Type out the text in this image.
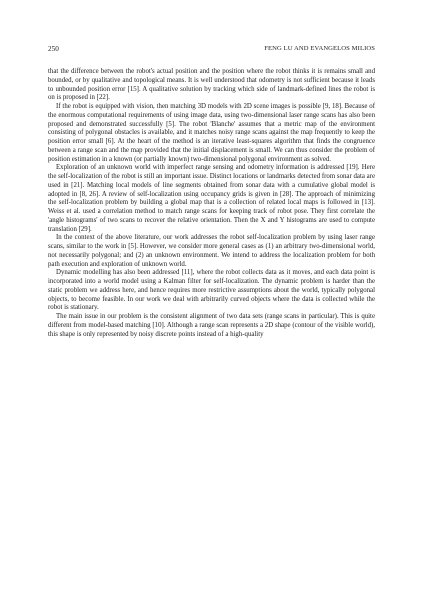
250	FENG LU AND EVANGELOS MILIOS

that the difference between the robot's actual position and the position where the robot thinks it is remains small and bounded, or by qualitative and topological means. It is well understood that odometry is not sufficient because it leads to unbounded position error [15]. A qualitative solution by tracking which side of landmark-defined lines the robot is on is proposed in [22].

If the robot is equipped with vision, then matching 3D models with 2D scene images is possible [9, 18]. Because of the enormous computational requirements of using image data, using two-dimensional laser range scans has also been proposed and demonstrated successfully [5]. The robot 'Blanche' assumes that a metric map of the environment consisting of polygonal obstacles is available, and it matches noisy range scans against the map frequently to keep the position error small [6]. At the heart of the method is an iterative least-squares algorithm that finds the congruence between a range scan and the map provided that the initial displacement is small. We can thus consider the problem of position estimation in a known (or partially known) two-dimensional polygonal environment as solved.

Exploration of an unknown world with imperfect range sensing and odometry information is addressed [19]. Here the self-localization of the robot is still an important issue. Distinct locations or landmarks detected from sonar data are used in [21]. Matching local models of line segments obtained from sonar data with a cumulative global model is adopted in [8, 26]. A review of self-localization using occupancy grids is given in [28]. The approach of minimizing the self-localization problem by building a global map that is a collection of related local maps is followed in [13]. Weiss et al. used a correlation method to match range scans for keeping track of robot pose. They first correlate the 'angle histograms' of two scans to recover the relative orientation. Then the X and Y histograms are used to compute translation [29].

In the context of the above literature, our work addresses the robot self-localization problem by using laser range scans, similar to the work in [5]. However, we consider more general cases as (1) an arbitrary two-dimensional world, not necessarily polygonal; and (2) an unknown environment. We intend to address the localization problem for both path execution and exploration of unknown world.

Dynamic modelling has also been addressed [11], where the robot collects data as it moves, and each data point is incorporated into a world model using a Kalman filter for self-localization. The dynamic problem is harder than the static problem we address here, and hence requires more restrictive assumptions about the world, typically polygonal objects, to become feasible. In our work we deal with arbitrarily curved objects where the data is collected while the robot is stationary.

The main issue in our problem is the consistent alignment of two data sets (range scans in particular). This is quite different from model-based matching [10]. Although a range scan represents a 2D shape (contour of the visible world), this shape is only represented by noisy discrete points instead of a high-quality
